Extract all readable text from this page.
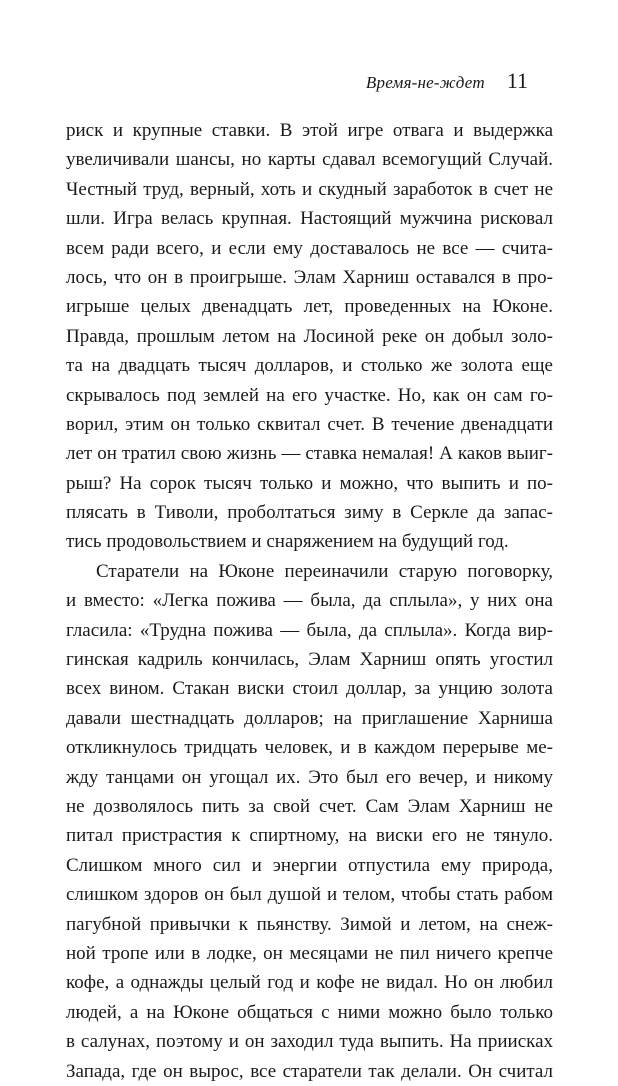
Время-не-ждет 11
риск и крупные ставки. В этой игре отвага и выдержка
увеличивали шансы, но карты сдавал всемогущий Случай.
Честный труд, верный, хоть и скудный заработок в счет не
шли. Игра велась крупная. Настоящий мужчина рисковал
всем ради всего, и если ему доставалось не все — счита-
лось, что он в проигрыше. Элам Харниш оставался в про-
игрыше целых двенадцать лет, проведенных на Юконе.
Правда, прошлым летом на Лосиной реке он добыл золо-
та на двадцать тысяч долларов, и столько же золота еще
скрывалось под землей на его участке. Но, как он сам го-
ворил, этим он только сквитал счет. В течение двенадцати
лет он тратил свою жизнь — ставка немалая! А каков выиг-
рыш? На сорок тысяч только и можно, что выпить и по-
плясать в Тиволи, проболтаться зиму в Серкле да запас-
тись продовольствием и снаряжением на будущий год.
Старатели на Юконе переиначили старую поговорку,
и вместо: «Легка пожива — была, да сплыла», у них она
гласила: «Трудна пожива — была, да сплыла». Когда вир-
гинская кадриль кончилась, Элам Харниш опять угостил
всех вином. Стакан виски стоил доллар, за унцию золота
давали шестнадцать долларов; на приглашение Харниша
откликнулось тридцать человек, и в каждом перерыве ме-
жду танцами он угощал их. Это был его вечер, и никому
не дозволялось пить за свой счет. Сам Элам Харниш не
питал пристрастия к спиртному, на виски его не тянуло.
Слишком много сил и энергии отпустила ему природа,
слишком здоров он был душой и телом, чтобы стать рабом
пагубной привычки к пьянству. Зимой и летом, на снеж-
ной тропе или в лодке, он месяцами не пил ничего крепче
кофе, а однажды целый год и кофе не видал. Но он любил
людей, а на Юконе общаться с ними можно было только
в салунах, поэтому и он заходил туда выпить. На приисках
Запада, где он вырос, все старатели так делали. Он считал
